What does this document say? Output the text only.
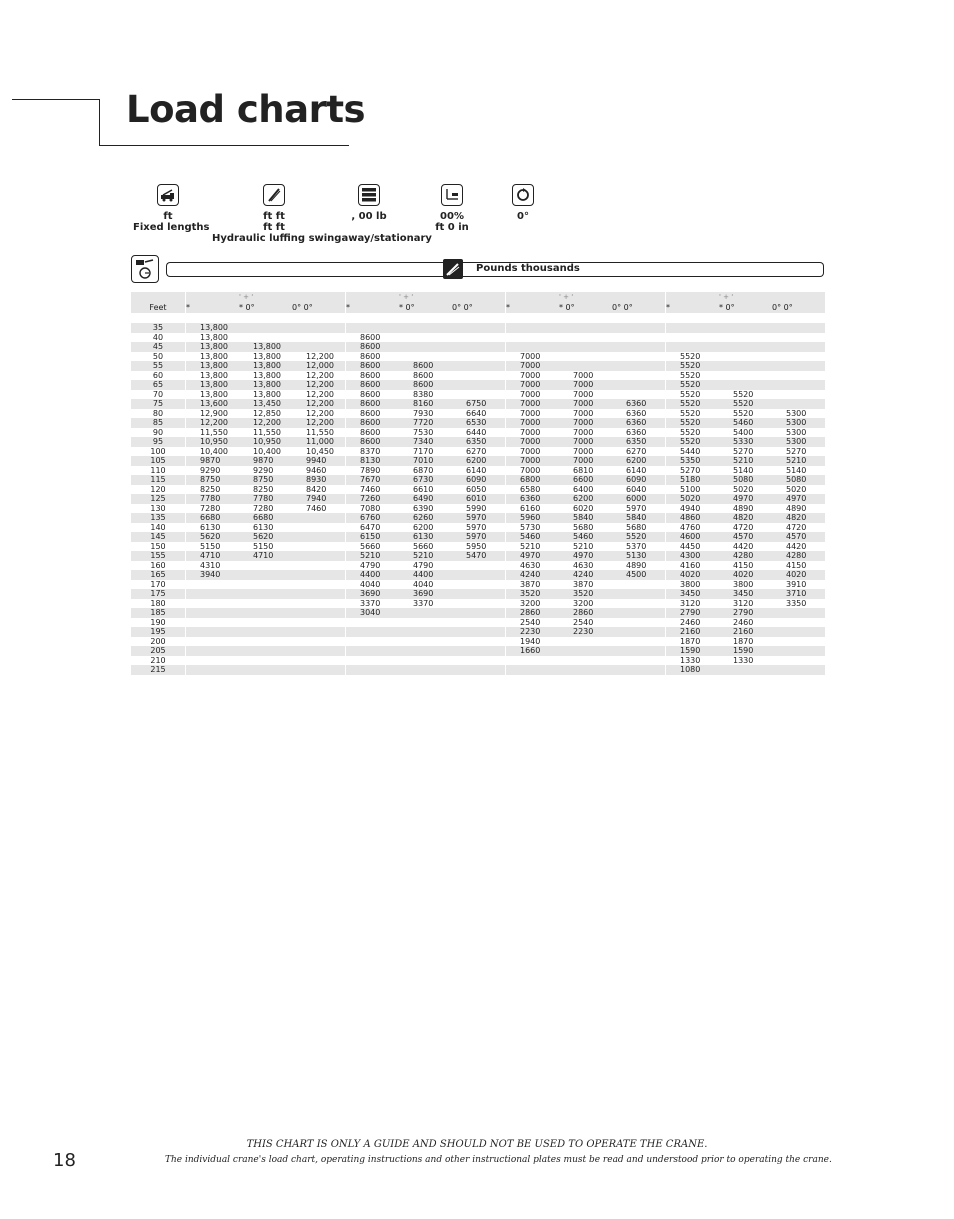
Load charts
ft
Fixed lengths
ft ft
ft ft
Hydraulic luffing swingaway/stationary
, 00 lb	00%
ft 0 in
0°
Pounds thousands
			' + '				' + '				' + '				' + '	
Feet		*	* 0°	0° 0°		*	* 0°	0° 0°		*	* 0°	0° 0°		*	* 0°	0° 0°

35		13,800														
40		13,800				8600										
45		13,800	13,800			8600										
50		13,800	13,800	12,200		8600				7000				5520		
55		13,800	13,800	12,000		8600	8600			7000				5520		
60		13,800	13,800	12,200		8600	8600			7000	7000			5520		
65		13,800	13,800	12,200		8600	8600			7000	7000			5520		
70		13,800	13,800	12,200		8600	8380			7000	7000			5520	5520	
75		13,600	13,450	12,200		8600	8160	6750		7000	7000	6360		5520	5520	
80		12,900	12,850	12,200		8600	7930	6640		7000	7000	6360		5520	5520	5300
85		12,200	12,200	12,200		8600	7720	6530		7000	7000	6360		5520	5460	5300
90		11,550	11,550	11,550		8600	7530	6440		7000	7000	6360		5520	5400	5300
95		10,950	10,950	11,000		8600	7340	6350		7000	7000	6350		5520	5330	5300
100		10,400	10,400	10,450		8370	7170	6270		7000	7000	6270		5440	5270	5270
105		9870	9870	9940		8130	7010	6200		7000	7000	6200		5350	5210	5210
110		9290	9290	9460		7890	6870	6140		7000	6810	6140		5270	5140	5140
115		8750	8750	8930		7670	6730	6090		6800	6600	6090		5180	5080	5080
120		8250	8250	8420		7460	6610	6050		6580	6400	6040		5100	5020	5020
125		7780	7780	7940		7260	6490	6010		6360	6200	6000		5020	4970	4970
130		7280	7280	7460		7080	6390	5990		6160	6020	5970		4940	4890	4890
135		6680	6680			6760	6260	5970		5960	5840	5840		4860	4820	4820
140		6130	6130			6470	6200	5970		5730	5680	5680		4760	4720	4720
145		5620	5620			6150	6130	5970		5460	5460	5520		4600	4570	4570
150		5150	5150			5660	5660	5950		5210	5210	5370		4450	4420	4420
155		4710	4710			5210	5210	5470		4970	4970	5130		4300	4280	4280
160		4310				4790	4790			4630	4630	4890		4160	4150	4150
165		3940				4400	4400			4240	4240	4500		4020	4020	4020
170						4040	4040			3870	3870			3800	3800	3910
175						3690	3690			3520	3520			3450	3450	3710
180						3370	3370			3200	3200			3120	3120	3350
185						3040				2860	2860			2790	2790	
190										2540	2540			2460	2460	
195										2230	2230			2160	2160	
200										1940				1870	1870	
205										1660				1590	1590	
210														1330	1330	
215														1080		
18
THIS CHART IS ONLY A GUIDE AND SHOULD NOT BE USED TO OPERATE THE CRANE.
The individual crane's load chart, operating instructions and other instructional plates must be read and understood prior to operating the crane.
